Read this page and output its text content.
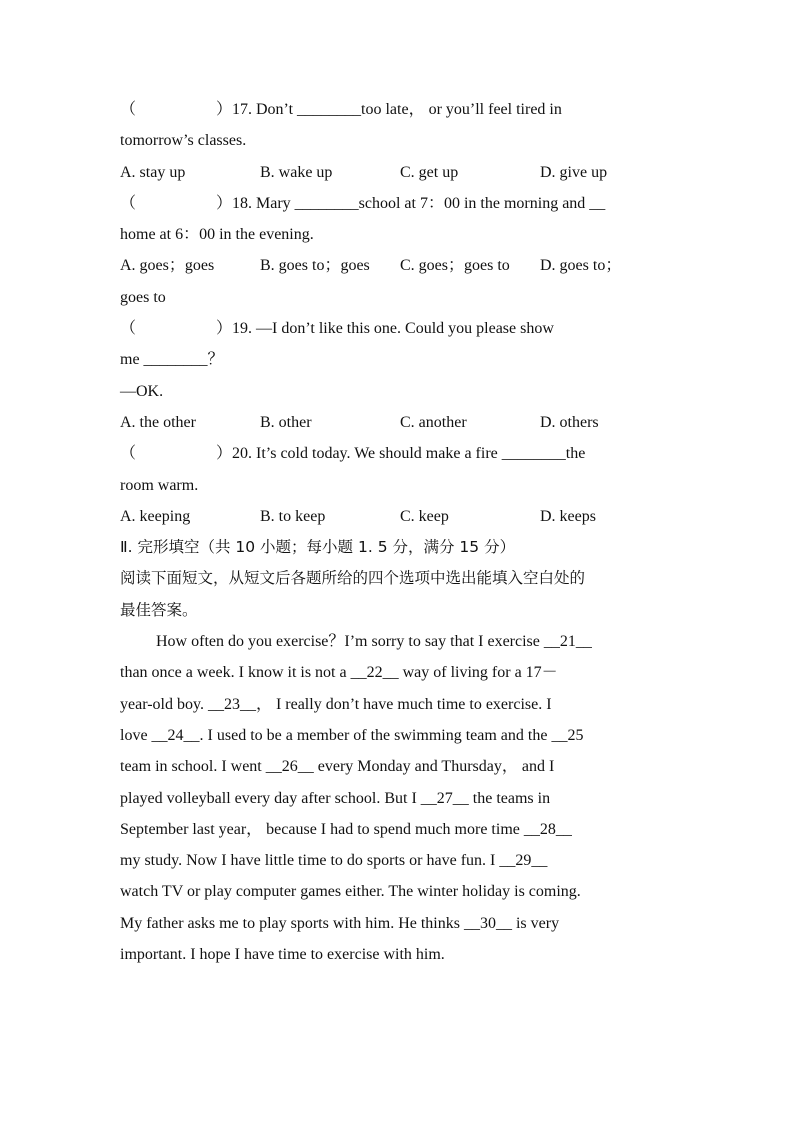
（　　　　　）17. Don’t ________too late， or you’ll feel tired in
tomorrow’s classes.
A. stay up	B. wake up	C. get up	D. give up
（　　　　　）18. Mary ________school at 7：00 in the morning and __
home at 6：00 in the evening.
A. goes；goes	B. goes to；goes	C. goes；goes to	D. goes to；
goes to
（　　　　　）19. —I don’t like this one. Could you please show
me ________？
—OK.
A. the other	B. other	C. another	D. others
（　　　　　）20. It’s cold today. We should make a fire ________the
room warm.
A. keeping	B. to keep	C. keep	D. keeps
Ⅱ. 完形填空（共 10 小题；每小题 1. 5 分，满分 15 分）
阅读下面短文，从短文后各题所给的四个选项中选出能填入空白处的
最佳答案。
How often do you exercise？I’m sorry to say that I exercise __21__
than once a week. I know it is not a __22__ way of living for a 17－
year-old boy. __23__， I really don’t have much time to exercise. I
love __24__. I used to be a member of the swimming team and the __25
team in school. I went __26__ every Monday and Thursday， and I
played volleyball every day after school. But I __27__ the teams in
September last year， because I had to spend much more time __28__
my study. Now I have little time to do sports or have fun. I __29__
watch TV or play computer games either. The winter holiday is coming.
My father asks me to play sports with him. He thinks __30__ is very
important. I hope I have time to exercise with him.
